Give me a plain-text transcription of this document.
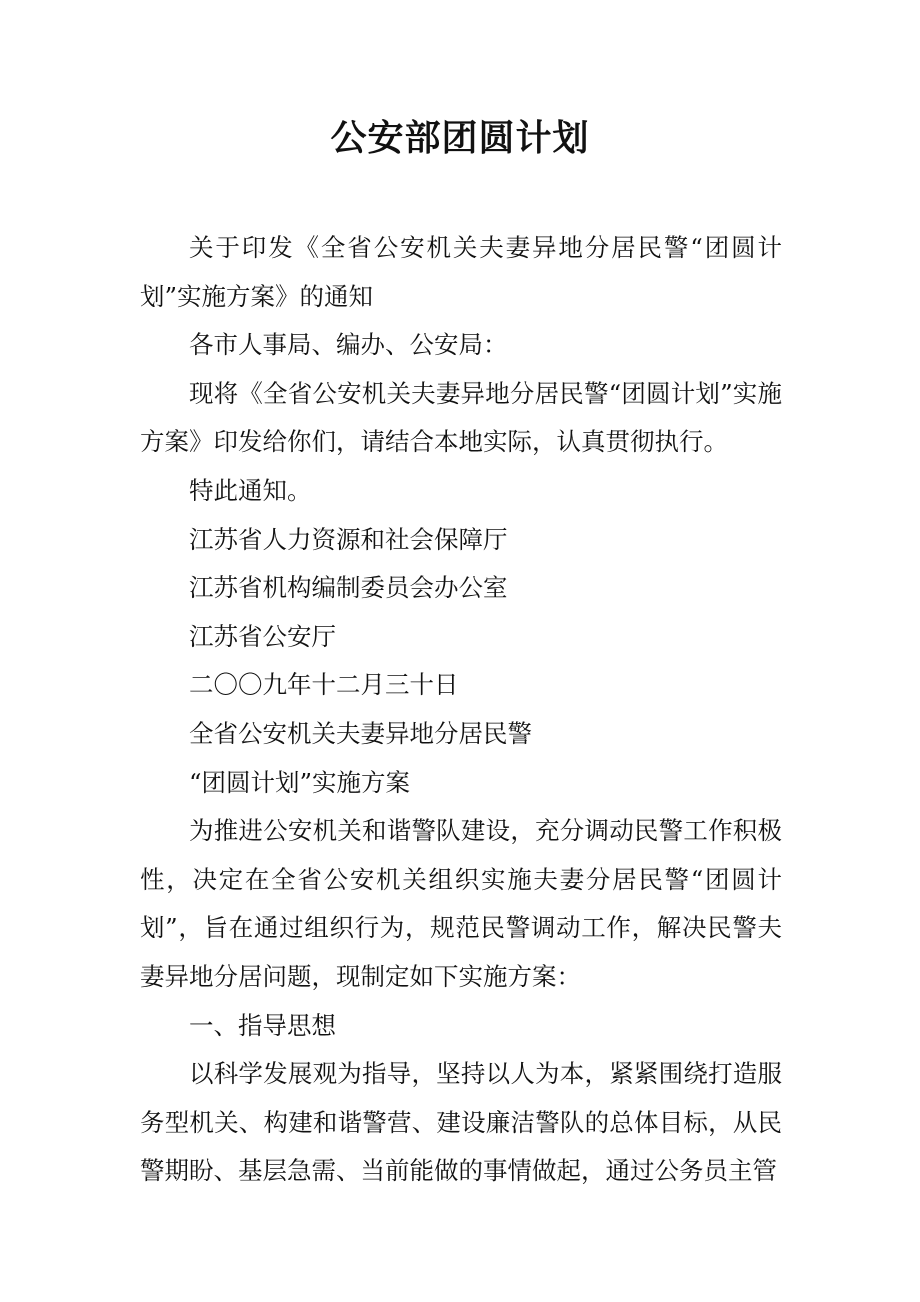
公安部团圆计划

关于印发《全省公安机关夫妻异地分居民警“团圆计划”实施方案》的通知

各市人事局、编办、公安局：

现将《全省公安机关夫妻异地分居民警“团圆计划”实施方案》印发给你们，请结合本地实际，认真贯彻执行。

特此通知。

江苏省人力资源和社会保障厅

江苏省机构编制委员会办公室

江苏省公安厅

二〇〇九年十二月三十日

全省公安机关夫妻异地分居民警

“团圆计划”实施方案

为推进公安机关和谐警队建设，充分调动民警工作积极性，决定在全省公安机关组织实施夫妻分居民警“团圆计划”，旨在通过组织行为，规范民警调动工作，解决民警夫妻异地分居问题，现制定如下实施方案：

一、指导思想

以科学发展观为指导，坚持以人为本，紧紧围绕打造服务型机关、构建和谐警营、建设廉洁警队的总体目标，从民警期盼、基层急需、当前能做的事情做起，通过公务员主管
